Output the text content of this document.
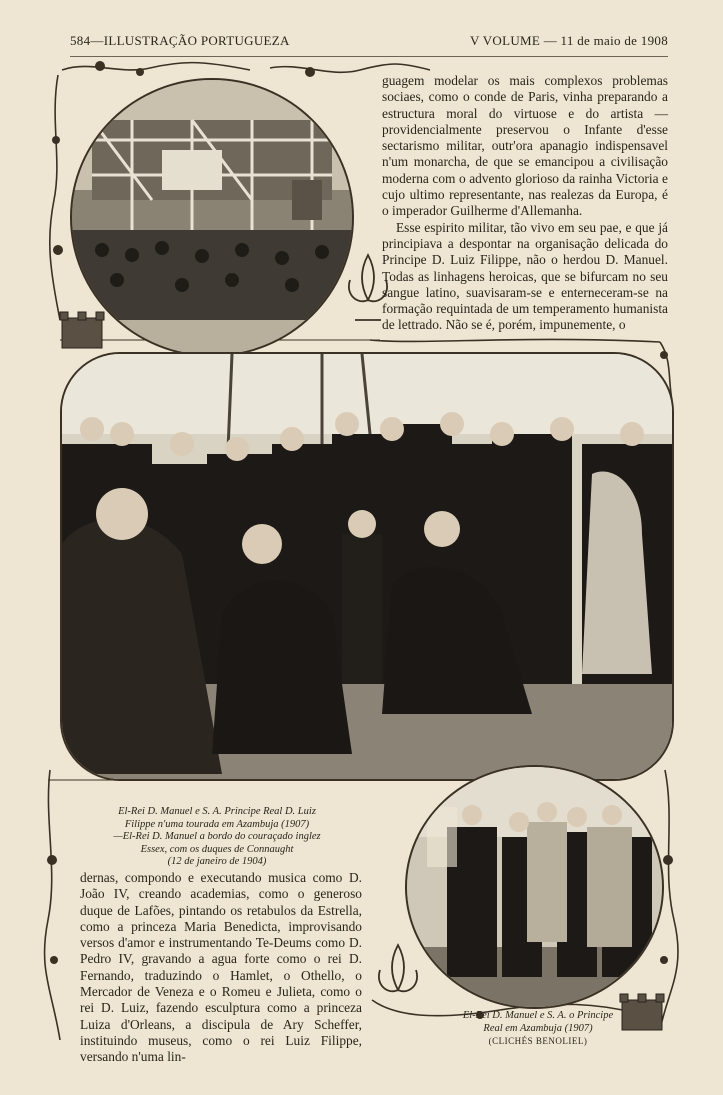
584—ILLUSTRAÇÃO PORTUGUEZA	V VOLUME — 11 de maio de 1908

guagem modelar os mais complexos problemas sociaes, como o conde de Paris, vinha preparando a estructura moral do virtuose e do artista — providencialmente preservou o Infante d'esse sectarismo militar, outr'ora apanagio indispensavel n'um monarcha, de que se emancipou a civilisação moderna com o advento glorioso da rainha Victoria e cujo ultimo representante, nas realezas da Europa, é o imperador Guilherme d'Allemanha.

Esse espirito militar, tão vivo em seu pae, e que já principiava a despontar na organisação delicada do Principe D. Luiz Filippe, não o herdou D. Manuel. Todas as linhagens heroicas, que se bifurcam no seu sangue latino, suavisaram-se e enterneceram-se na formação requintada de um temperamento humanista de lettrado. Não se é, porém, impunemente, o

El-Rei D. Manuel e S. A. Principe Real D. Luiz
Filippe n'uma tourada em Azambuja (1907)
—El-Rei D. Manuel a bordo do couraçado inglez
Essex, com os duques de Connaught
(12 de janeiro de 1904)

dernas, compondo e executando musica como D. João IV, creando academias, como o generoso duque de Lafões, pintando os retabulos da Estrella, como a princeza Maria Benedicta, improvisando versos d'amor e instrumentando Te-Deums como D. Pedro IV, gravando a agua forte como o rei D. Fernando, traduzindo o Hamlet, o Othello, o Mercador de Veneza e o Romeu e Julieta, como o rei D. Luiz, fazendo esculptura como a princeza Luiza d'Orleans, a discipula de Ary Scheffer, instituindo museus, como o rei Luiz Filippe, versando n'uma lin-

El-Rei D. Manuel e S. A. o Principe
Real em Azambuja (1907)
(CLICHÉS BENOLIEL)
